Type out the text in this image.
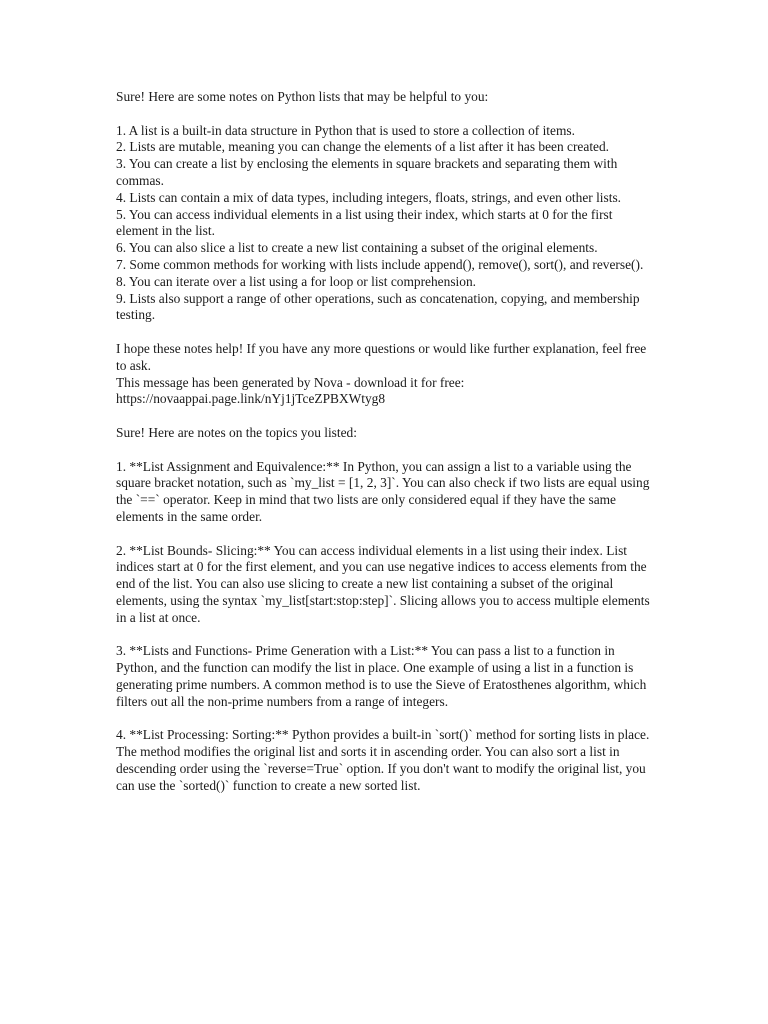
Sure! Here are some notes on Python lists that may be helpful to you:

1. A list is a built-in data structure in Python that is used to store a collection of items.

2. Lists are mutable, meaning you can change the elements of a list after it has been created.

3. You can create a list by enclosing the elements in square brackets and separating them with commas.

4. Lists can contain a mix of data types, including integers, floats, strings, and even other lists.

5. You can access individual elements in a list using their index, which starts at 0 for the first element in the list.

6. You can also slice a list to create a new list containing a subset of the original elements.

7. Some common methods for working with lists include append(), remove(), sort(), and reverse().

8. You can iterate over a list using a for loop or list comprehension.

9. Lists also support a range of other operations, such as concatenation, copying, and membership testing.

I hope these notes help! If you have any more questions or would like further explanation, feel free to ask.

This message has been generated by Nova - download it for free:

https://novaappai.page.link/nYj1jTceZPBXWtyg8

Sure! Here are notes on the topics you listed:

1. **List Assignment and Equivalence:** In Python, you can assign a list to a variable using the square bracket notation, such as `my_list = [1, 2, 3]`. You can also check if two lists are equal using the `==` operator. Keep in mind that two lists are only considered equal if they have the same elements in the same order.

2. **List Bounds- Slicing:** You can access individual elements in a list using their index. List indices start at 0 for the first element, and you can use negative indices to access elements from the end of the list. You can also use slicing to create a new list containing a subset of the original elements, using the syntax `my_list[start:stop:step]`. Slicing allows you to access multiple elements in a list at once.

3. **Lists and Functions- Prime Generation with a List:** You can pass a list to a function in Python, and the function can modify the list in place. One example of using a list in a function is generating prime numbers. A common method is to use the Sieve of Eratosthenes algorithm, which filters out all the non-prime numbers from a range of integers.

4. **List Processing: Sorting:** Python provides a built-in `sort()` method for sorting lists in place. The method modifies the original list and sorts it in ascending order. You can also sort a list in descending order using the `reverse=True` option. If you don't want to modify the original list, you can use the `sorted()` function to create a new sorted list.
